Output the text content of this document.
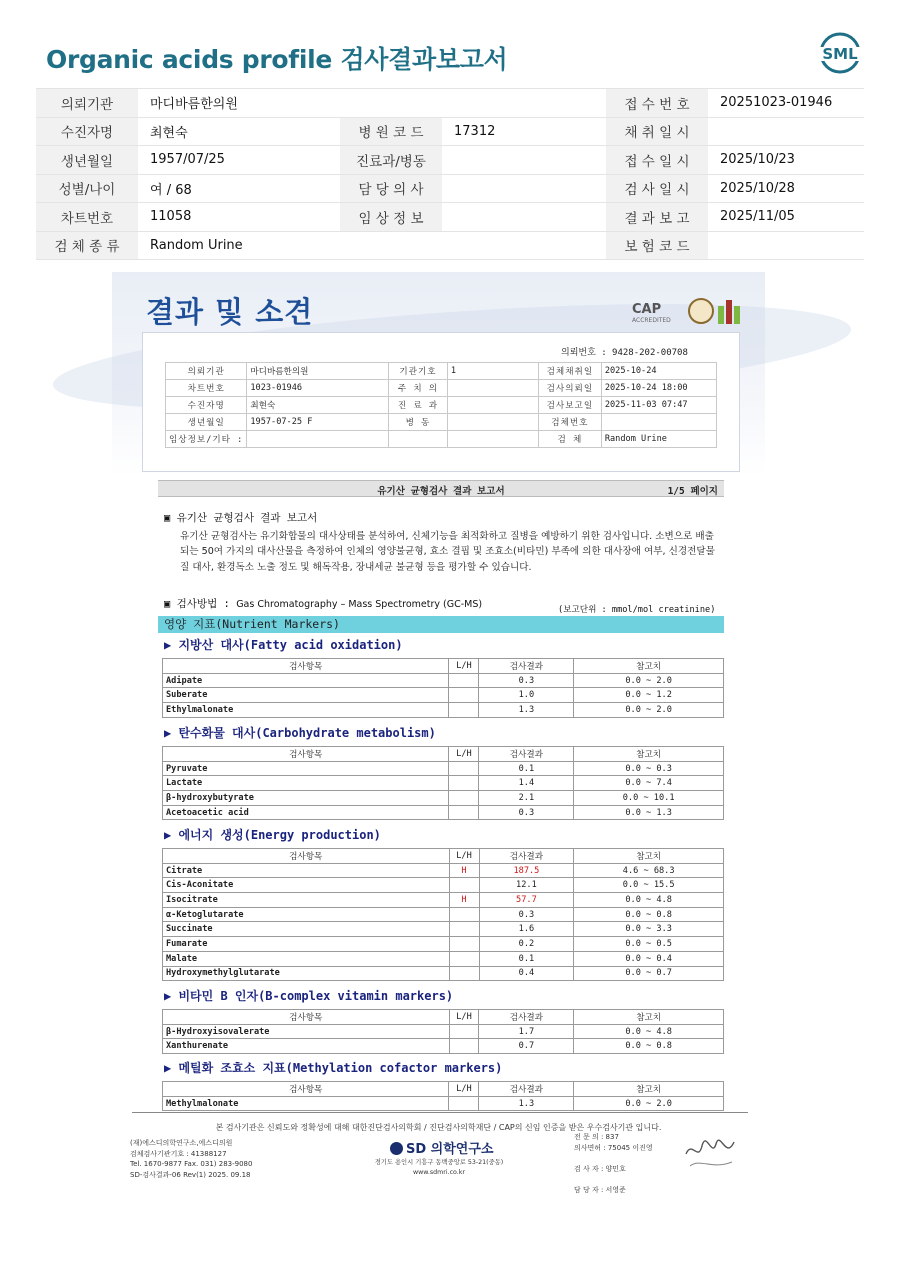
Organic acids profile 검사결과보고서	SML
의뢰기관	마디바름한의원			접 수 번 호	20251023-01946
수진자명	최현숙	병 원 코 드	17312	채 취 일 시	
생년월일	1957/07/25	진료과/병동		접 수 일 시	2025/10/23
성별/나이	여 / 68	담 당 의 사		검 사 일 시	2025/10/28
차트번호	11058	임 상 정 보		결 과 보 고	2025/11/05
검 체 종 류	Random Urine			보 험 코 드	
결과 및 소견	CAP
ACCREDITED
의뢰번호 : 9428-202-00708
의뢰기관	마디바름한의원	기관기호	1	검체채취일	2025-10-24
차트번호	1023-01946	주 치 의		검사의뢰일	2025-10-24 18:00
수진자명	최현숙	진 료 과		검사보고일	2025-11-03 07:47
생년월일	1957-07-25 F	병 동		검체번호	
임상정보/기타 :				검 체	Random Urine
유기산 균형검사 결과 보고서	1/5 페이지
▣ 유기산 균형검사 결과 보고서
유기산 균형검사는 유기화합물의 대사상태를 분석하여, 신체기능을 최적화하고 질병을 예방하기 위한 검사입니다. 소변으로 배출되는 50여 가지의 대사산물을 측정하여 인체의 영양불균형, 효소 결핍 및 조효소(비타민) 부족에 의한 대사장애 여부, 신경전달물질 대사, 환경독소 노출 정도 및 해독작용, 장내세균 불균형 등을 평가할 수 있습니다.
▣ 검사방법 : Gas Chromatography – Mass Spectrometry (GC-MS)	(보고단위 : mmol/mol creatinine)
영양 지표(Nutrient Markers)
▶ 지방산 대사(Fatty acid oxidation)
검사항목	L/H	검사결과	참고치
Adipate		0.3	0.0 ~ 2.0
Suberate		1.0	0.0 ~ 1.2
Ethylmalonate		1.3	0.0 ~ 2.0
▶ 탄수화물 대사(Carbohydrate metabolism)
검사항목	L/H	검사결과	참고치
Pyruvate		0.1	0.0 ~ 0.3
Lactate		1.4	0.0 ~ 7.4
β-hydroxybutyrate		2.1	0.0 ~ 10.1
Acetoacetic acid		0.3	0.0 ~ 1.3
▶ 에너지 생성(Energy production)
검사항목	L/H	검사결과	참고치
Citrate	H	187.5	4.6 ~ 68.3
Cis-Aconitate		12.1	0.0 ~ 15.5
Isocitrate	H	57.7	0.0 ~ 4.8
α-Ketoglutarate		0.3	0.0 ~ 0.8
Succinate		1.6	0.0 ~ 3.3
Fumarate		0.2	0.0 ~ 0.5
Malate		0.1	0.0 ~ 0.4
Hydroxymethylglutarate		0.4	0.0 ~ 0.7
▶ 비타민 B 인자(B-complex vitamin markers)
검사항목	L/H	검사결과	참고치
β-Hydroxyisovalerate		1.7	0.0 ~ 4.8
Xanthurenate		0.7	0.0 ~ 0.8
▶ 메틸화 조효소 지표(Methylation cofactor markers)
검사항목	L/H	검사결과	참고치
Methylmalonate		1.3	0.0 ~ 2.0
본 검사기관은 신뢰도와 정확성에 대해 대한진단검사의학회 / 진단검사의학재단 / CAP의 신임 인증을 받은 우수검사기관 입니다.
(재)에스디의학연구소,에스디의원
검체검사기관기호 : 41388127
Tel. 1670-9877 Fax. 031) 283-9080
SD-검사결과-06 Rev(1) 2025. 09.18
SD 의학연구소
경기도 용인시 기흥구 동백중앙로 53-21(중동)
www.sdmri.co.kr
전 문 의 : 837
의사면허 : 75045 이진영

검 사 자 : 양민호

담 당 자 : 서영준
